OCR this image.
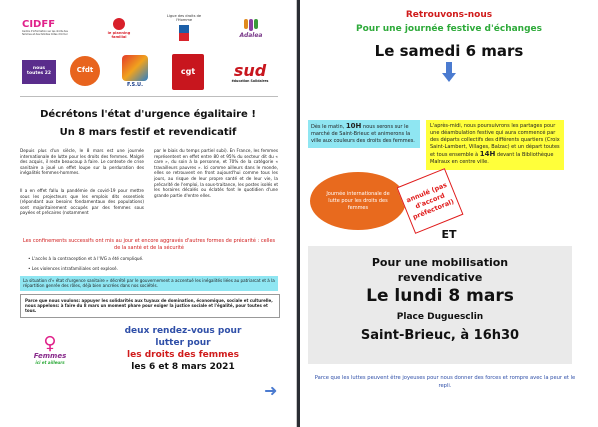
CIDFF
Centre d'information sur les droits des femmes et des familles Côtes d'Armor	le planning familial
Ligue des droits de l'Homme
Adalea
nous toutes 22	Cfdt
F.S.U.
cgt sud
éducation Solidaires
Décrétons l'état d'urgence égalitaire !
Un 8 mars festif et revendicatif
Depuis plus d'un siècle, le 8 mars est une journée internationale de lutte pour les droits des femmes. Malgré des acquis, il reste beaucoup à faire. Le contexte de crise sanitaire a joué un effet loupe sur la perduration des inégalités femmes-hommes.
Il a en effet fallu la pandémie de covid-19 pour mettre sous les projecteurs que les emplois dits essentiels (répondant aux besoins fondamentaux des populations) sont majoritairement occupés par des femmes sous payées et précaires (notamment
par le biais du temps partiel subi). En France, les femmes représentent en effet entre 80 et 95% du secteur dit du « care », du soin à la personne, et 70% de la catégorie « travailleurs pauvres ». Ici comme ailleurs dans le monde, elles se retrouvent en front aujourd'hui comme tous les jours, au risque de leur propre santé et de leur vie, la précarité de l'emploi, la sous-traitance, les postes isolés et les horaires décalés ou éclatés font le quotidien d'une grande partie d'entre elles.
Les confinements successifs ont mis au jour et encore aggravés d'autres formes de précarité : celles de la santé et de la sécurité
• L'accès à la contraception et à l'IVG a été compliqué.
• Les violences intrafamiliales ont explosé.
La situation d'« état d'urgence sanitaire » décrété par le gouvernement a accentué les inégalités liées au patriarcat et à la répartition genrée des rôles, déjà bien ancrées dans nos sociétés.
Parce que nous voulons: appuyer les solidarités aux tuyaux de domination, économique, sociale et culturelle, nous appelons: à faire du 8 mars un moment phare pour exiger la justice sociale et l'égalité, pour toutes et tous.
♀
Femmes
ici et ailleurs
deux rendez-vous pour
lutter pour
les droits des femmes
les 6 et 8 mars 2021
➜
Retrouvons-nous
Pour une journée festive d'échanges
Le samedi 6 mars
Dès le matin, 10H nous serons sur le marché de Saint-Brieuc et animerons la ville aux couleurs des droits des femmes.
L'après-midi, nous poursuivrons les partages pour une déambulation festive qui aura commencé par des départs collectifs des différents quartiers (Croix Saint-Lambert, Villages, Balzac) et un départ toutes et tous ensemble à 14H devant la Bibliothèque Malraux en centre ville.
Journée internationale de lutte pour les droits des femmes
annulé (pas d'accord préfectoral)
ET
Pour une mobilisation
revendicative
Le lundi 8 mars
Place Duguesclin
Saint-Brieuc, à 16h30
Parce que les luttes peuvent être joyeuses pour nous donner des forces et rompre avec la peur et le repli.
